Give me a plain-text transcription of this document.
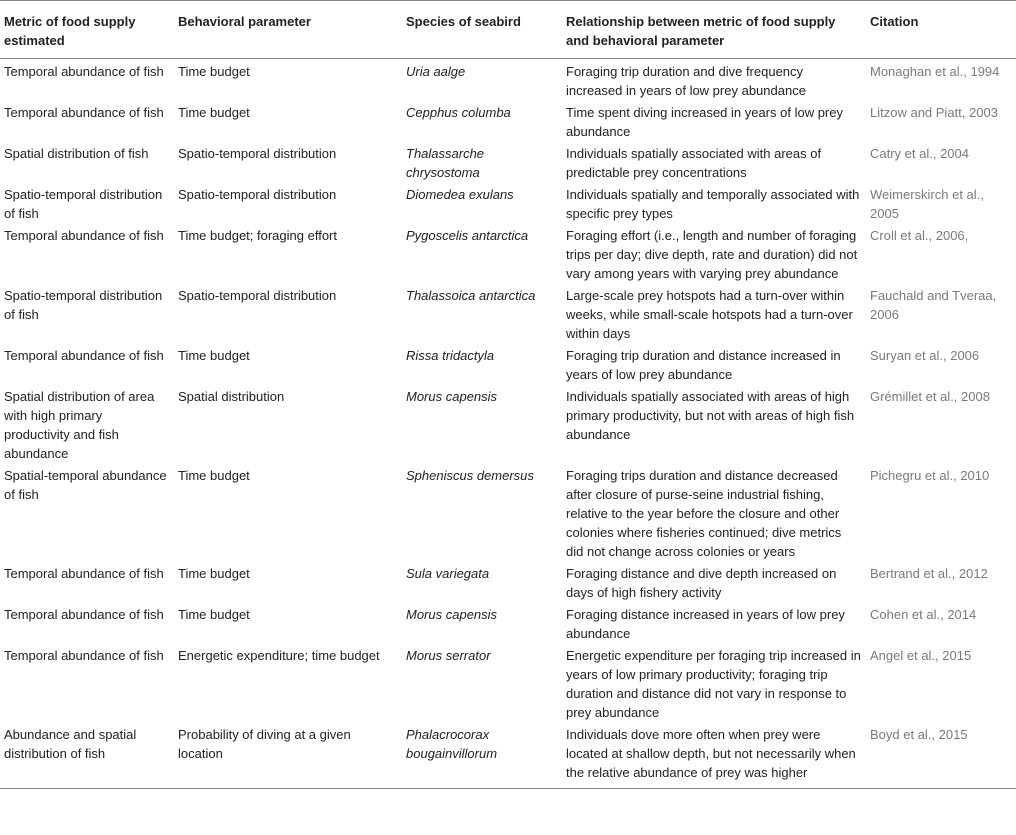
Metric of food supply estimated	Behavioral parameter	Species of seabird	Relationship between metric of food supply and behavioral parameter	Citation
Temporal abundance of fish	Time budget	Uria aalge	Foraging trip duration and dive frequency increased in years of low prey abundance	Monaghan et al., 1994
Temporal abundance of fish	Time budget	Cepphus columba	Time spent diving increased in years of low prey abundance	Litzow and Piatt, 2003
Spatial distribution of fish	Spatio-temporal distribution	Thalassarche chrysostoma	Individuals spatially associated with areas of predictable prey concentrations	Catry et al., 2004
Spatio-temporal distribution of fish	Spatio-temporal distribution	Diomedea exulans	Individuals spatially and temporally associated with specific prey types	Weimerskirch et al., 2005
Temporal abundance of fish	Time budget; foraging effort	Pygoscelis antarctica	Foraging effort (i.e., length and number of foraging trips per day; dive depth, rate and duration) did not vary among years with varying prey abundance	Croll et al., 2006,
Spatio-temporal distribution of fish	Spatio-temporal distribution	Thalassoica antarctica	Large-scale prey hotspots had a turn-over within weeks, while small-scale hotspots had a turn-over within days	Fauchald and Tveraa, 2006
Temporal abundance of fish	Time budget	Rissa tridactyla	Foraging trip duration and distance increased in years of low prey abundance	Suryan et al., 2006
Spatial distribution of area with high primary productivity and fish abundance	Spatial distribution	Morus capensis	Individuals spatially associated with areas of high primary productivity, but not with areas of high fish abundance	Grémillet et al., 2008
Spatial-temporal abundance of fish	Time budget	Spheniscus demersus	Foraging trips duration and distance decreased after closure of purse-seine industrial fishing, relative to the year before the closure and other colonies where fisheries continued; dive metrics did not change across colonies or years	Pichegru et al., 2010
Temporal abundance of fish	Time budget	Sula variegata	Foraging distance and dive depth increased on days of high fishery activity	Bertrand et al., 2012
Temporal abundance of fish	Time budget	Morus capensis	Foraging distance increased in years of low prey abundance	Cohen et al., 2014
Temporal abundance of fish	Energetic expenditure; time budget	Morus serrator	Energetic expenditure per foraging trip increased in years of low primary productivity; foraging trip duration and distance did not vary in response to prey abundance	Angel et al., 2015
Abundance and spatial distribution of fish	Probability of diving at a given location	Phalacrocorax bougainvillorum	Individuals dove more often when prey were located at shallow depth, but not necessarily when the relative abundance of prey was higher	Boyd et al., 2015
